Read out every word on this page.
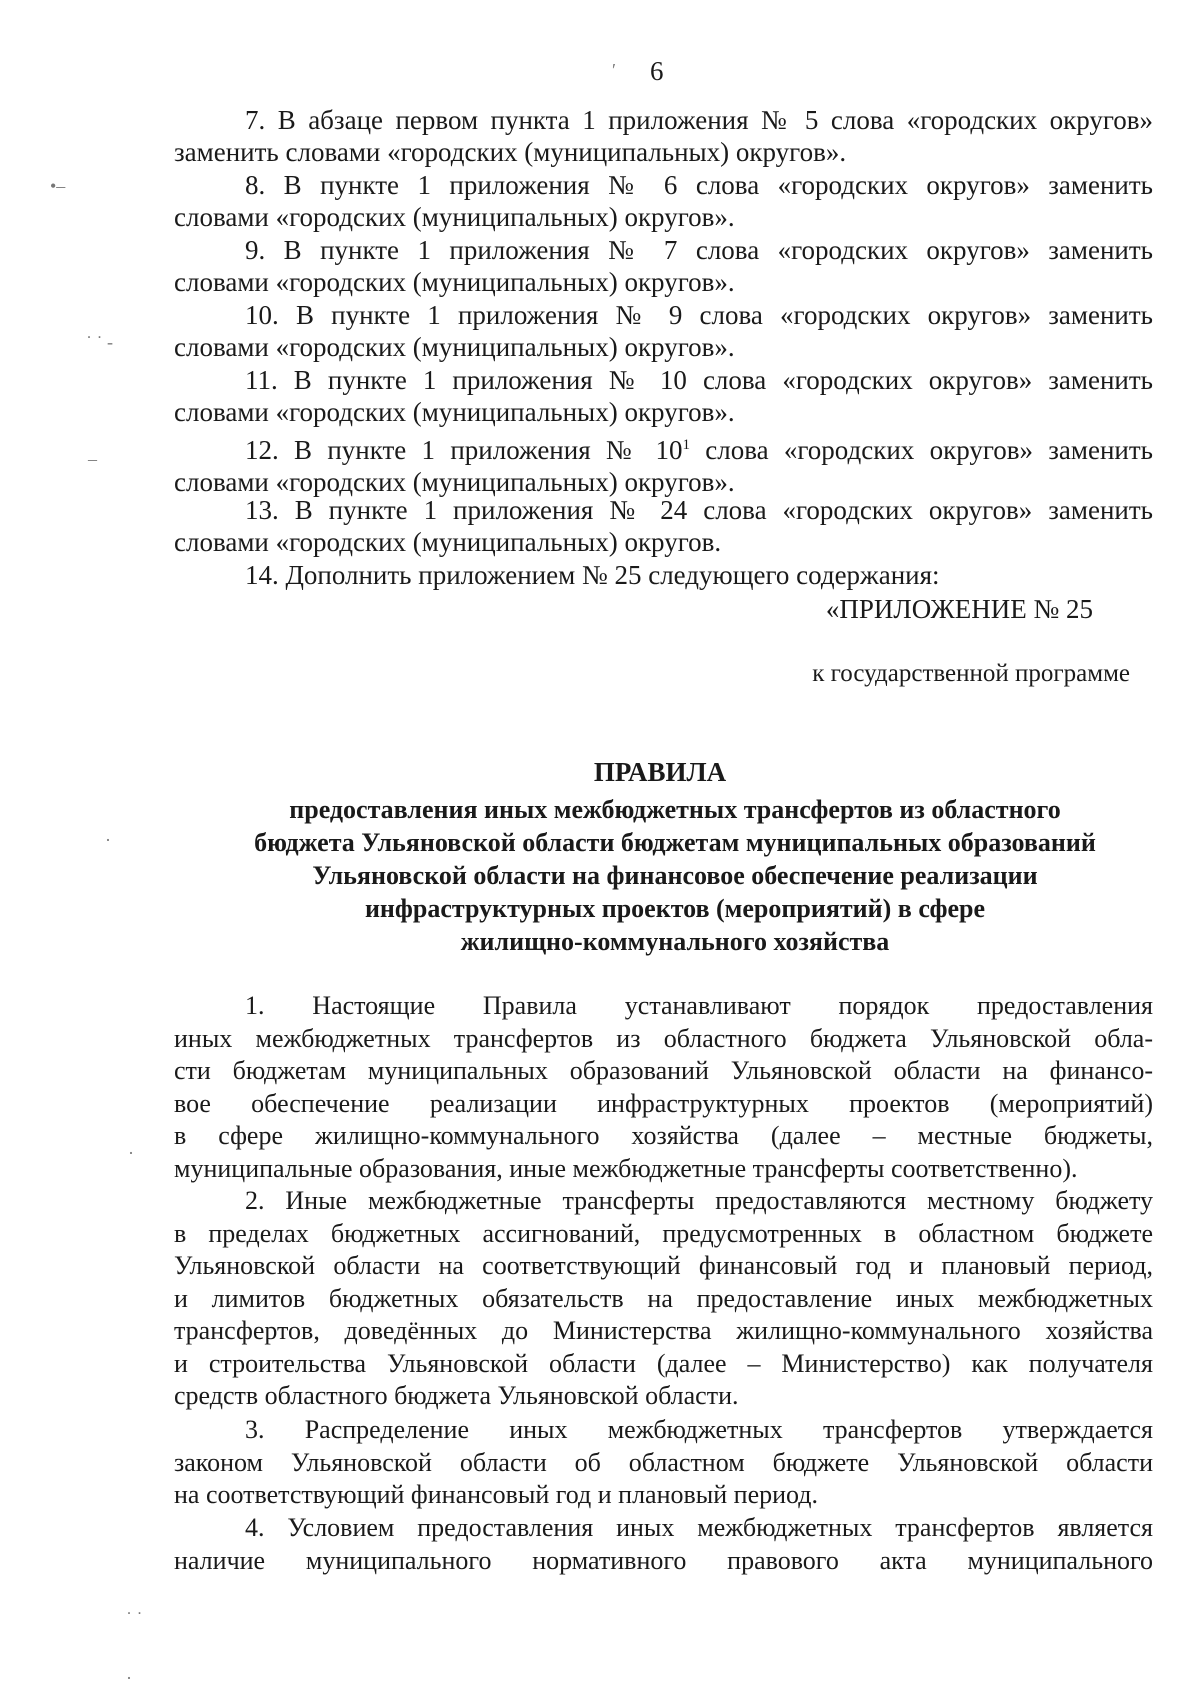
6
′
•–
˙ ˙ ‑
–
·
·
˙ ˙
·
7. В абзаце первом пункта 1 приложения № 5 слова «городских округов»
заменить словами «городских (муниципальных) округов».
8. В пункте 1 приложения № 6 слова «городских округов» заменить
словами «городских (муниципальных) округов».
9. В пункте 1 приложения № 7 слова «городских округов» заменить
словами «городских (муниципальных) округов».
10. В пункте 1 приложения № 9 слова «городских округов» заменить
словами «городских (муниципальных) округов».
11. В пункте 1 приложения № 10 слова «городских округов» заменить
словами «городских (муниципальных) округов».
12. В пункте 1 приложения № $10^1$ слова «городских округов» заменить
словами «городских (муниципальных) округов».
13. В пункте 1 приложения № 24 слова «городских округов» заменить
словами «городских (муниципальных) округов.
14. Дополнить приложением № 25 следующего содержания:
«ПРИЛОЖЕНИЕ № 25
к государственной программе
ПРАВИЛА
предоставления иных межбюджетных трансфертов из областного
бюджета Ульяновской области бюджетам муниципальных образований
Ульяновской области на финансовое обеспечение реализации
инфраструктурных проектов (мероприятий) в сфере
жилищно-коммунального хозяйства
1. Настоящие Правила устанавливают порядок предоставления
иных межбюджетных трансфертов из областного бюджета Ульяновской обла-
сти бюджетам муниципальных образований Ульяновской области на финансо-
вое обеспечение реализации инфраструктурных проектов (мероприятий)
в сфере жилищно-коммунального хозяйства (далее – местные бюджеты,
муниципальные образования, иные межбюджетные трансферты соответственно).
2. Иные межбюджетные трансферты предоставляются местному бюджету
в пределах бюджетных ассигнований, предусмотренных в областном бюджете
Ульяновской области на соответствующий финансовый год и плановый период,
и лимитов бюджетных обязательств на предоставление иных межбюджетных
трансфертов, доведённых до Министерства жилищно-коммунального хозяйства
и строительства Ульяновской области (далее – Министерство) как получателя
средств областного бюджета Ульяновской области.
3. Распределение иных межбюджетных трансфертов утверждается
законом Ульяновской области об областном бюджете Ульяновской области
на соответствующий финансовый год и плановый период.
4. Условием предоставления иных межбюджетных трансфертов является
наличие муниципального нормативного правового акта муниципального
